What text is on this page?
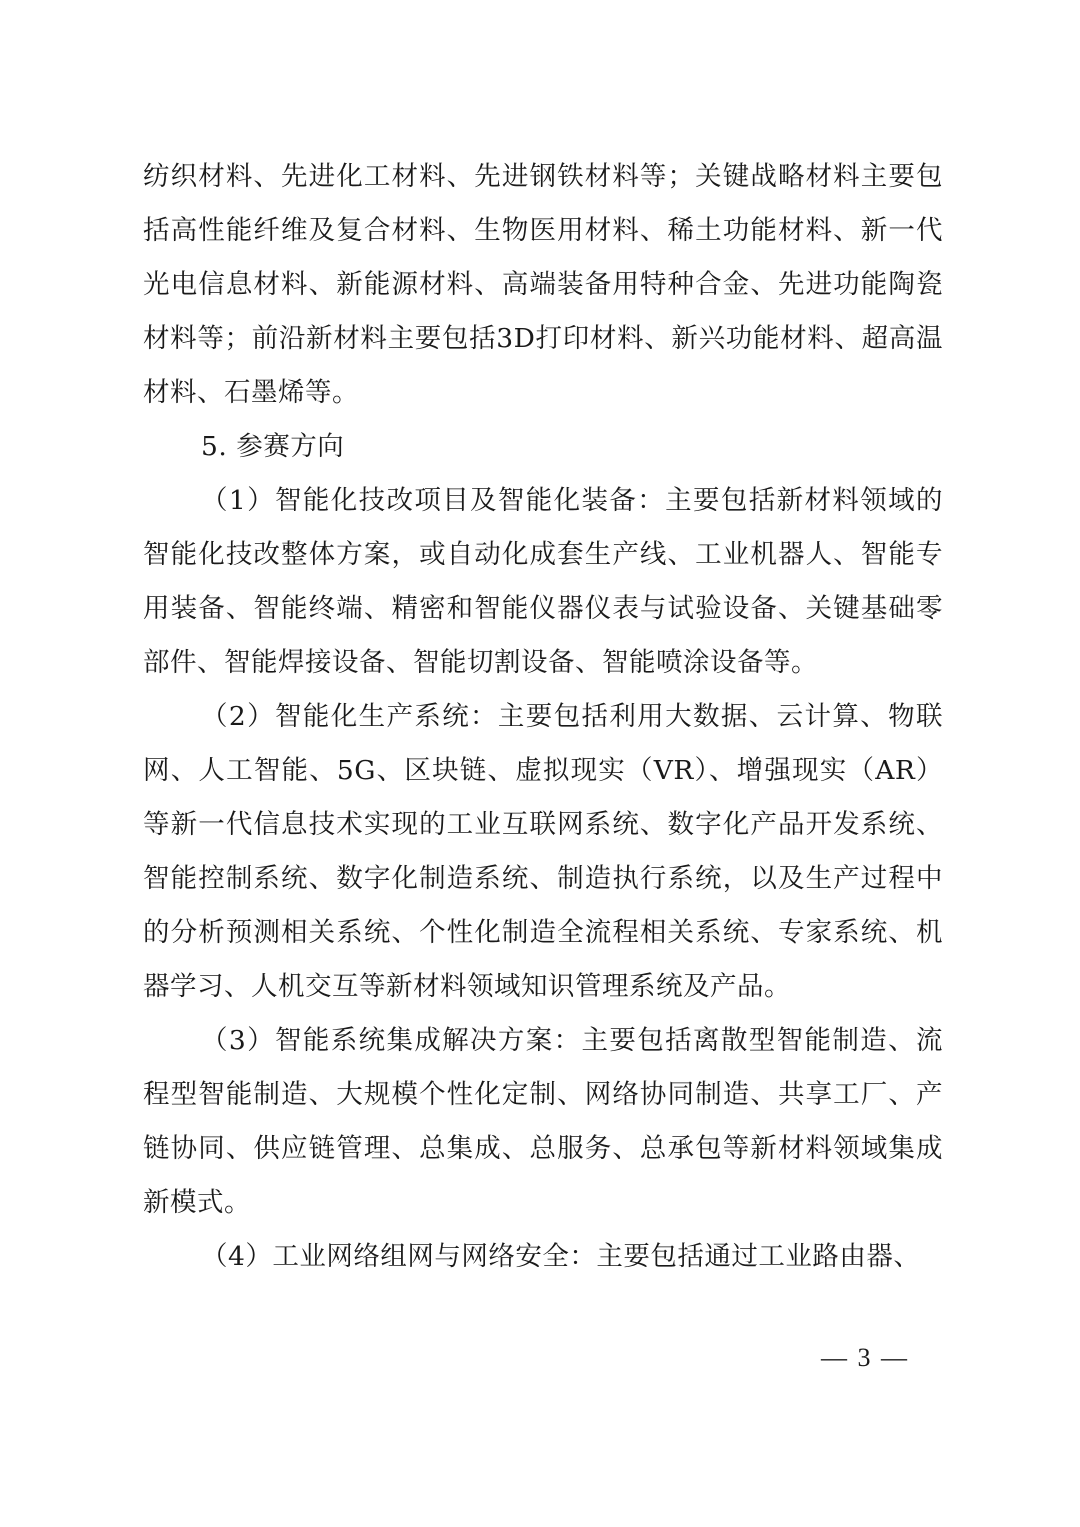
纺织材料、先进化工材料、先进钢铁材料等；关键战略材料主要包括高性能纤维及复合材料、生物医用材料、稀土功能材料、新一代光电信息材料、新能源材料、高端装备用特种合金、先进功能陶瓷材料等；前沿新材料主要包括3D打印材料、新兴功能材料、超高温材料、石墨烯等。

5. 参赛方向

（1）智能化技改项目及智能化装备：主要包括新材料领域的智能化技改整体方案，或自动化成套生产线、工业机器人、智能专用装备、智能终端、精密和智能仪器仪表与试验设备、关键基础零部件、智能焊接设备、智能切割设备、智能喷涂设备等。

（2）智能化生产系统：主要包括利用大数据、云计算、物联网、人工智能、5G、区块链、虚拟现实（VR）、增强现实（AR）等新一代信息技术实现的工业互联网系统、数字化产品开发系统、智能控制系统、数字化制造系统、制造执行系统，以及生产过程中的分析预测相关系统、个性化制造全流程相关系统、专家系统、机器学习、人机交互等新材料领域知识管理系统及产品。

（3）智能系统集成解决方案：主要包括离散型智能制造、流程型智能制造、大规模个性化定制、网络协同制造、共享工厂、产链协同、供应链管理、总集成、总服务、总承包等新材料领域集成新模式。

（4）工业网络组网与网络安全：主要包括通过工业路由器、

— 3 —
